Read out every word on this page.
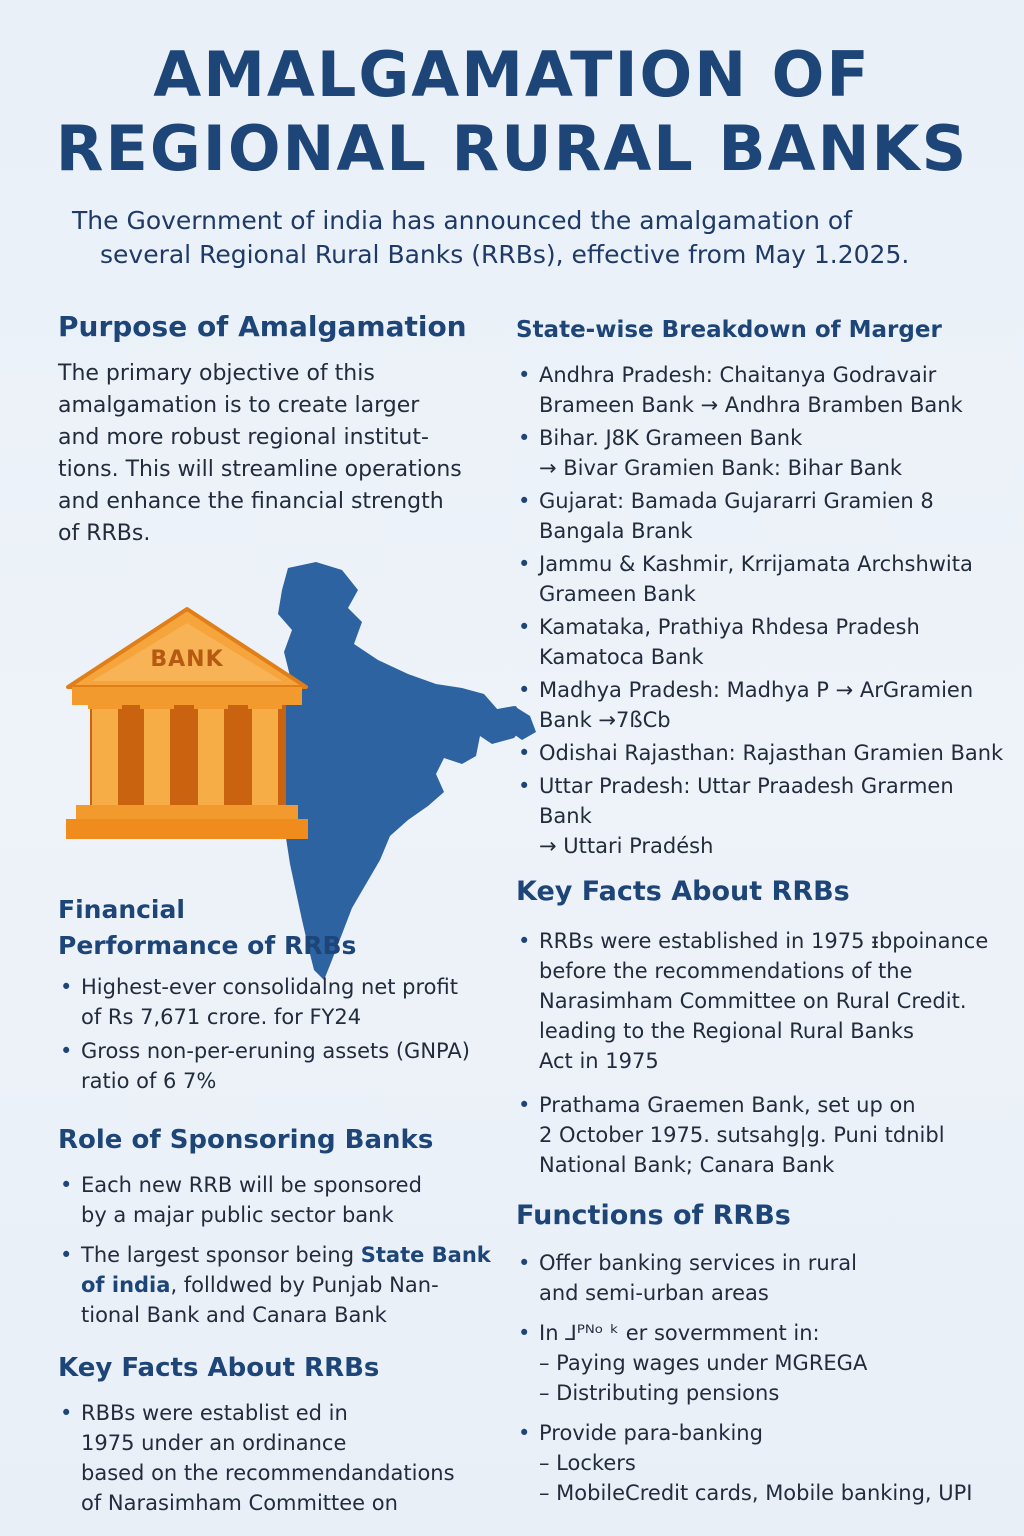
AMALGAMATION OF
REGIONAL RURAL BANKS

The Government of india has announced the amalgamation of
several Regional Rural Banks (RRBs), effective from May 1.2025.

Purpose of Amalgamation
The primary objective of this
amalgamation is to create larger
and more robust regional institut-
tions. This will streamline operations
and enhance the financial strength
of RRBs.
BANK
Financial
Performance of RRBs
• Highest-ever consolidalng net profit
of Rs 7,671 crore. for FY24
• Gross non-per-eruning assets (GNPA)
ratio of 6 7%
Role of Sponsoring Banks
• Each new RRB will be sponsored
by a majar public sector bank
• The largest sponsor being State Bank
of india, folldwed by Punjab Nan-
tional Bank and Canara Bank
Key Facts About RRBs
• RBBs were establist ed in
1975 under an ordinance
based on the recommendandations
of Narasimham Committee on
State-wise Breakdown of Marger
• Andhra Pradesh: Chaitanya Godravair
Brameen Bank → Andhra Bramben Bank
• Bihar. J8K Grameen Bank
→ Bivar Gramien Bank: Bihar Bank
• Gujarat: Bamada Gujararri Gramien 8
Bangala Brank
• Jammu & Kashmir, Krrijamata Archshwita
Grameen Bank
• Kamataka, Prathiya Rhdesa Pradesh
Kamatoca Bank
• Madhya Pradesh: Madhya P → ArGramien
Bank →7ßCb
• Odishai Rajasthan: Rajasthan Gramien Bank
• Uttar Pradesh: Uttar Praadesh Grarmen Bank
→ Uttari Pradésh
Key Facts About RRBs
• RRBs were established in 1975 ᵻbpoinance
before the recommendations of the
Narasimham Committee on Rural Credit.
leading to the Regional Rural Banks
Act in 1975
• Prathama Graemen Bank, set up on
2 October 1975. sutsahg|g. Puni tdnibl
National Bank; Canara Bank
Functions of RRBs
• Offer banking services in rural
and semi-urban areas
• In ⅃ᴾᴺᵒ ᵏ er sovermment in:
– Paying wages under MGREGA
– Distributing pensions
• Provide para-banking
– Lockers
– MobileCredit cards, Mobile banking, UPI
